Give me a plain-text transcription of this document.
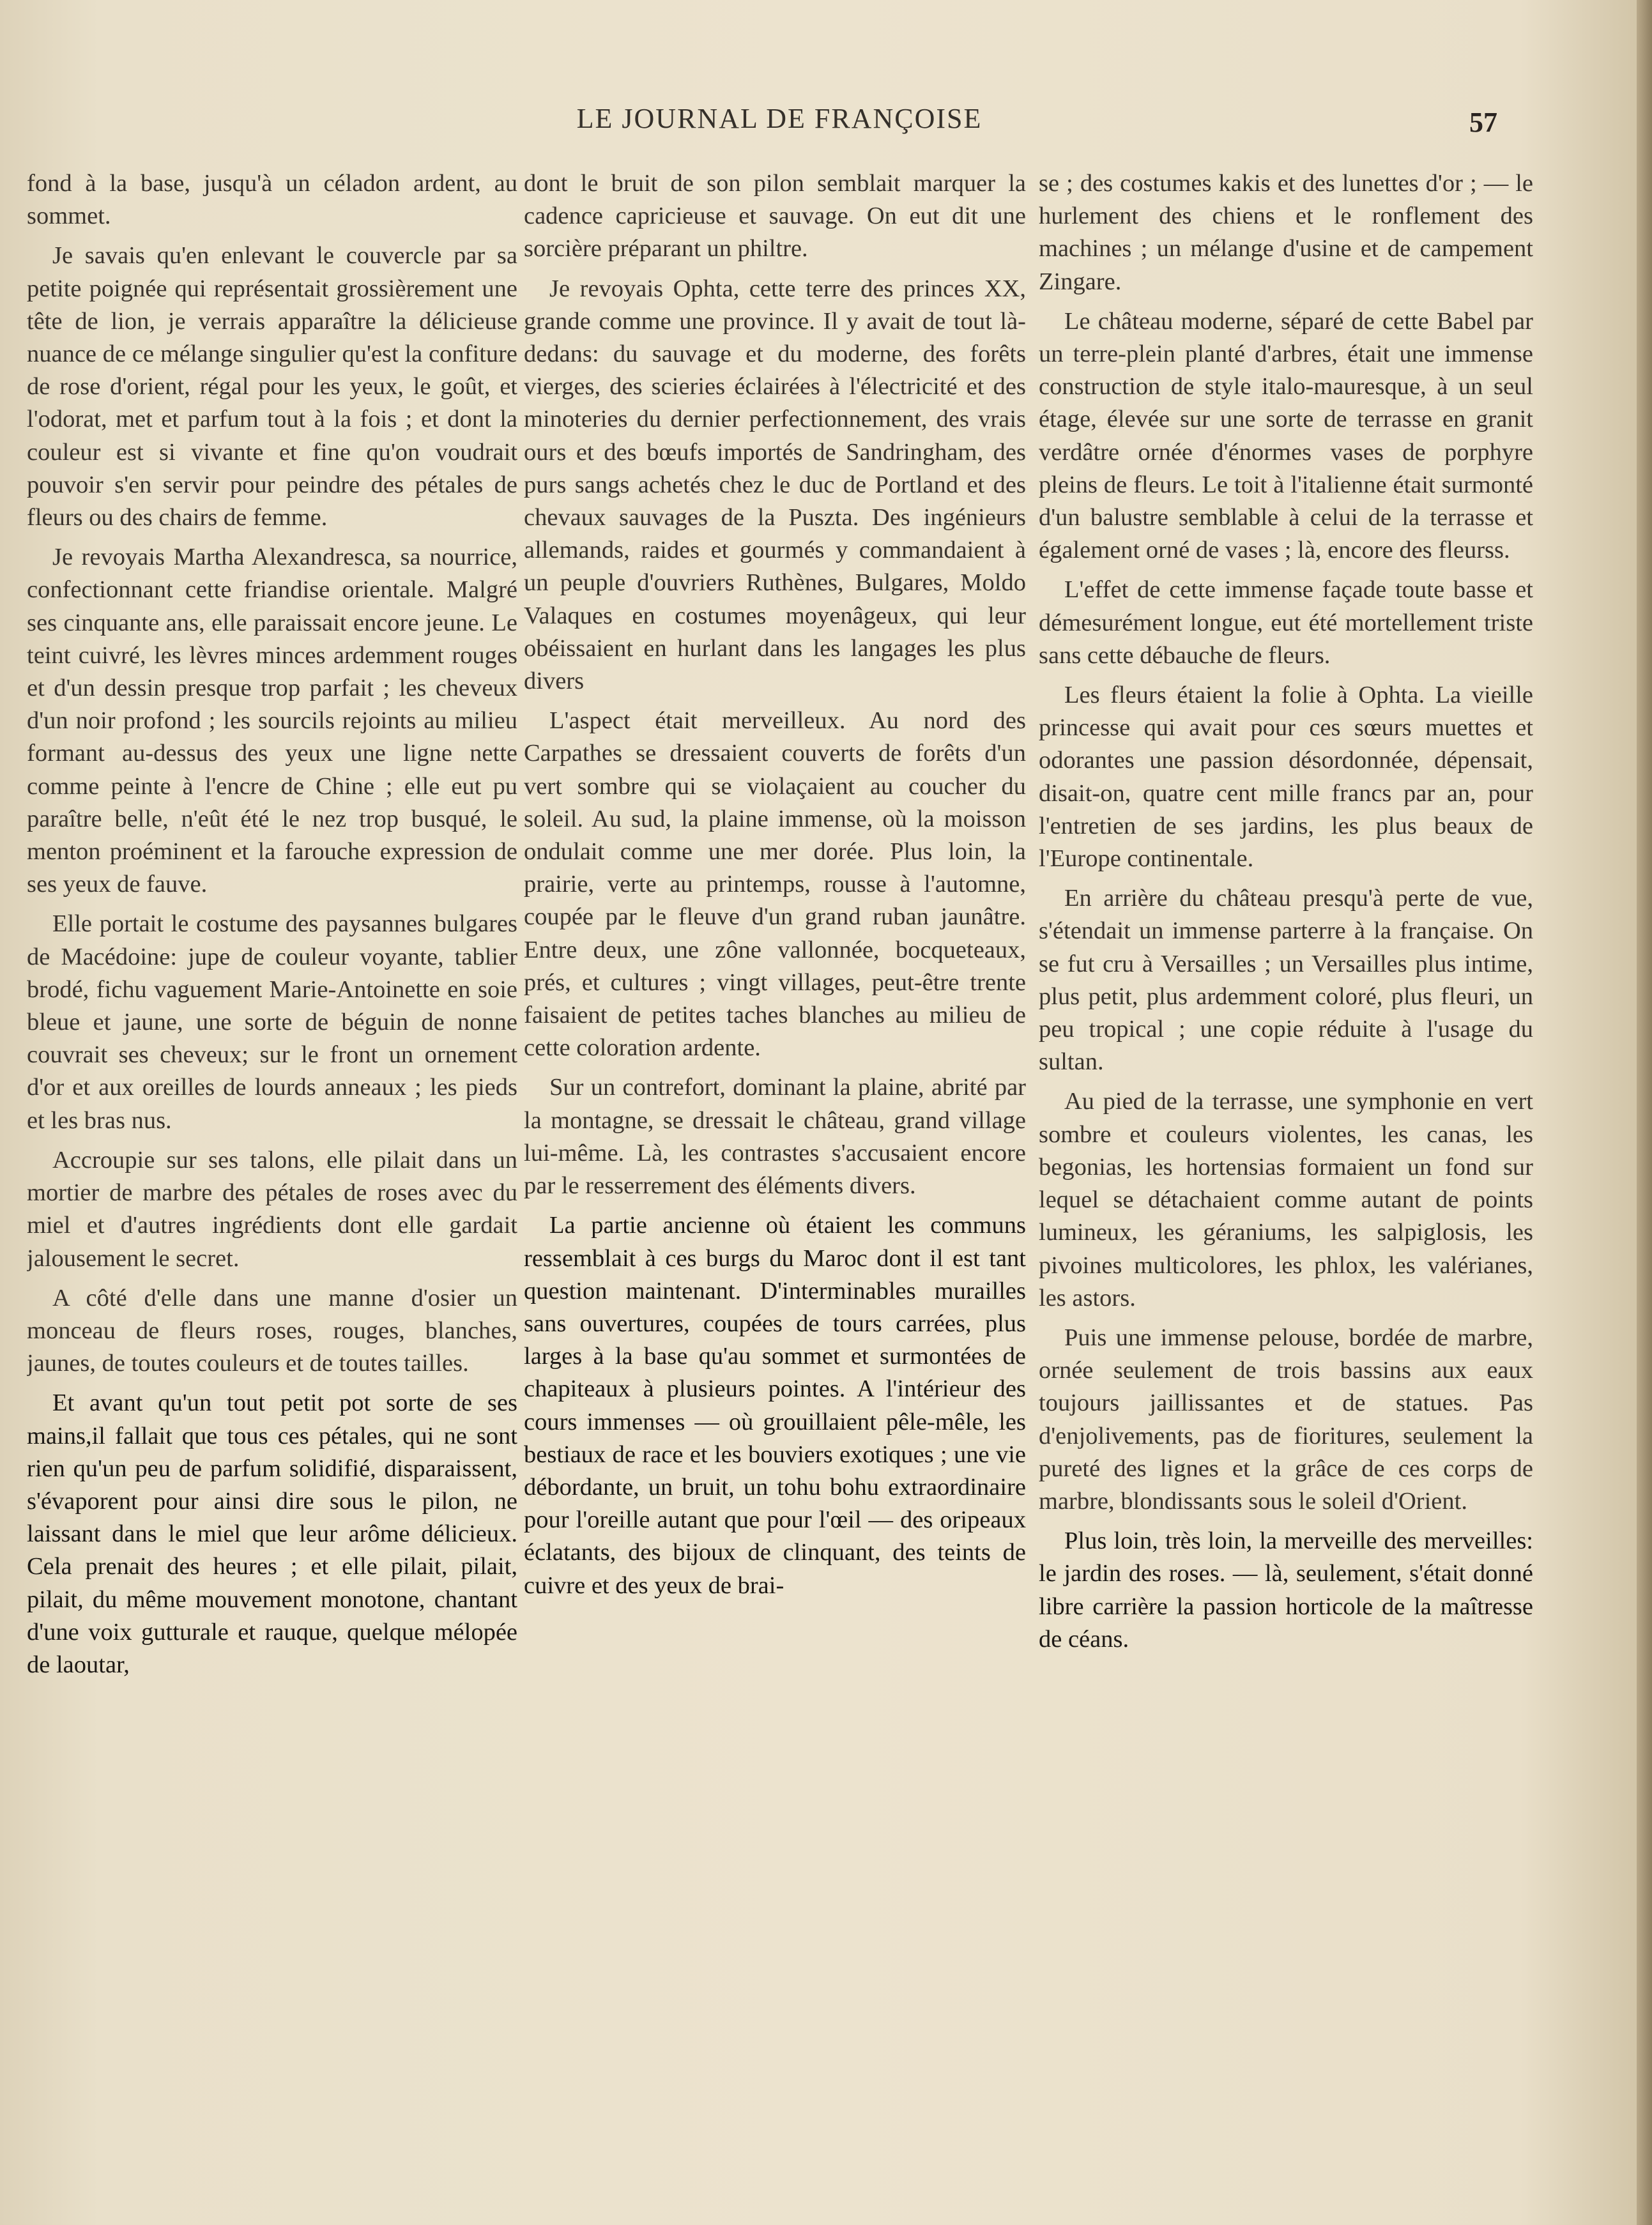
LE JOURNAL DE FRANÇOISE	57

fond à la base, jusqu'à un céladon ardent, au sommet.

Je savais qu'en enlevant le couvercle par sa petite poignée qui représentait grossièrement une tête de lion, je verrais apparaître la délicieuse nuance de ce mélange singulier qu'est la confiture de rose d'orient, régal pour les yeux, le goût, et l'odorat, met et parfum tout à la fois ; et dont la couleur est si vivante et fine qu'on voudrait pouvoir s'en servir pour peindre des pétales de fleurs ou des chairs de femme.

Je revoyais Martha Alexandresca, sa nourrice, confectionnant cette friandise orientale. Malgré ses cinquante ans, elle paraissait encore jeune. Le teint cuivré, les lèvres minces ardemment rouges et d'un dessin presque trop parfait ; les cheveux d'un noir profond ; les sourcils rejoints au milieu formant au-dessus des yeux une ligne nette comme peinte à l'encre de Chine ; elle eut pu paraître belle, n'eût été le nez trop busqué, le menton proéminent et la farouche expression de ses yeux de fauve.

Elle portait le costume des paysannes bulgares de Macédoine: jupe de couleur voyante, tablier brodé, fichu vaguement Marie-Antoinette en soie bleue et jaune, une sorte de béguin de nonne couvrait ses cheveux; sur le front un ornement d'or et aux oreilles de lourds anneaux ; les pieds et les bras nus.

Accroupie sur ses talons, elle pilait dans un mortier de marbre des pétales de roses avec du miel et d'autres ingrédients dont elle gardait jalousement le secret.

A côté d'elle dans une manne d'osier un monceau de fleurs roses, rouges, blanches, jaunes, de toutes couleurs et de toutes tailles.

Et avant qu'un tout petit pot sorte de ses mains,il fallait que tous ces pétales, qui ne sont rien qu'un peu de parfum solidifié, disparaissent, s'évaporent pour ainsi dire sous le pilon, ne laissant dans le miel que leur arôme délicieux. Cela prenait des heures ; et elle pilait, pilait, pilait, du même mouvement monotone, chantant d'une voix gutturale et rauque, quelque mélopée de laoutar,

dont le bruit de son pilon semblait marquer la cadence capricieuse et sauvage. On eut dit une sorcière préparant un philtre.

Je revoyais Ophta, cette terre des princes XX, grande comme une province. Il y avait de tout là-dedans: du sauvage et du moderne, des forêts vierges, des scieries éclairées à l'électricité et des minoteries du dernier perfectionnement, des vrais ours et des bœufs importés de Sandringham, des purs sangs achetés chez le duc de Portland et des chevaux sauvages de la Puszta. Des ingénieurs allemands, raides et gourmés y commandaient à un peuple d'ouvriers Ruthènes, Bulgares, Moldo Valaques en costumes moyenâgeux, qui leur obéissaient en hurlant dans les langages les plus divers

L'aspect était merveilleux. Au nord des Carpathes se dressaient couverts de forêts d'un vert sombre qui se violaçaient au coucher du soleil. Au sud, la plaine immense, où la moisson ondulait comme une mer dorée. Plus loin, la prairie, verte au printemps, rousse à l'automne, coupée par le fleuve d'un grand ruban jaunâtre. Entre deux, une zône vallonnée, bocqueteaux, prés, et cultures ; vingt villages, peut-être trente faisaient de petites taches blanches au milieu de cette coloration ardente.

Sur un contrefort, dominant la plaine, abrité par la montagne, se dressait le château, grand village lui-même. Là, les contrastes s'accusaient encore par le resserrement des éléments divers.

La partie ancienne où étaient les communs ressemblait à ces burgs du Maroc dont il est tant question maintenant. D'interminables murailles sans ouvertures, coupées de tours carrées, plus larges à la base qu'au sommet et surmontées de chapiteaux à plusieurs pointes. A l'intérieur des cours immenses — où grouillaient pêle-mêle, les bestiaux de race et les bouviers exotiques ; une vie débordante, un bruit, un tohu bohu extraordinaire pour l'oreille autant que pour l'œil — des oripeaux éclatants, des bijoux de clinquant, des teints de cuivre et des yeux de brai-

se ; des costumes kakis et des lunettes d'or ; — le hurlement des chiens et le ronflement des machines ; un mélange d'usine et de campement Zingare.

Le château moderne, séparé de cette Babel par un terre-plein planté d'arbres, était une immense construction de style italo-mauresque, à un seul étage, élevée sur une sorte de terrasse en granit verdâtre ornée d'énormes vases de porphyre pleins de fleurs. Le toit à l'italienne était surmonté d'un balustre semblable à celui de la terrasse et également orné de vases ; là, encore des fleurss.

L'effet de cette immense façade toute basse et démesurément longue, eut été mortellement triste sans cette débauche de fleurs.

Les fleurs étaient la folie à Ophta. La vieille princesse qui avait pour ces sœurs muettes et odorantes une passion désordonnée, dépensait, disait-on, quatre cent mille francs par an, pour l'entretien de ses jardins, les plus beaux de l'Europe continentale.

En arrière du château presqu'à perte de vue, s'étendait un immense parterre à la française. On se fut cru à Versailles ; un Versailles plus intime, plus petit, plus ardemment coloré, plus fleuri, un peu tropical ; une copie réduite à l'usage du sultan.

Au pied de la terrasse, une symphonie en vert sombre et couleurs violentes, les canas, les begonias, les hortensias formaient un fond sur lequel se détachaient comme autant de points lumineux, les géraniums, les salpiglosis, les pivoines multicolores, les phlox, les valérianes, les astors.

Puis une immense pelouse, bordée de marbre, ornée seulement de trois bassins aux eaux toujours jaillissantes et de statues. Pas d'enjolivements, pas de fioritures, seulement la pureté des lignes et la grâce de ces corps de marbre, blondissants sous le soleil d'Orient.

Plus loin, très loin, la merveille des merveilles: le jardin des roses. — là, seulement, s'était donné libre carrière la passion horticole de la maîtresse de céans.
